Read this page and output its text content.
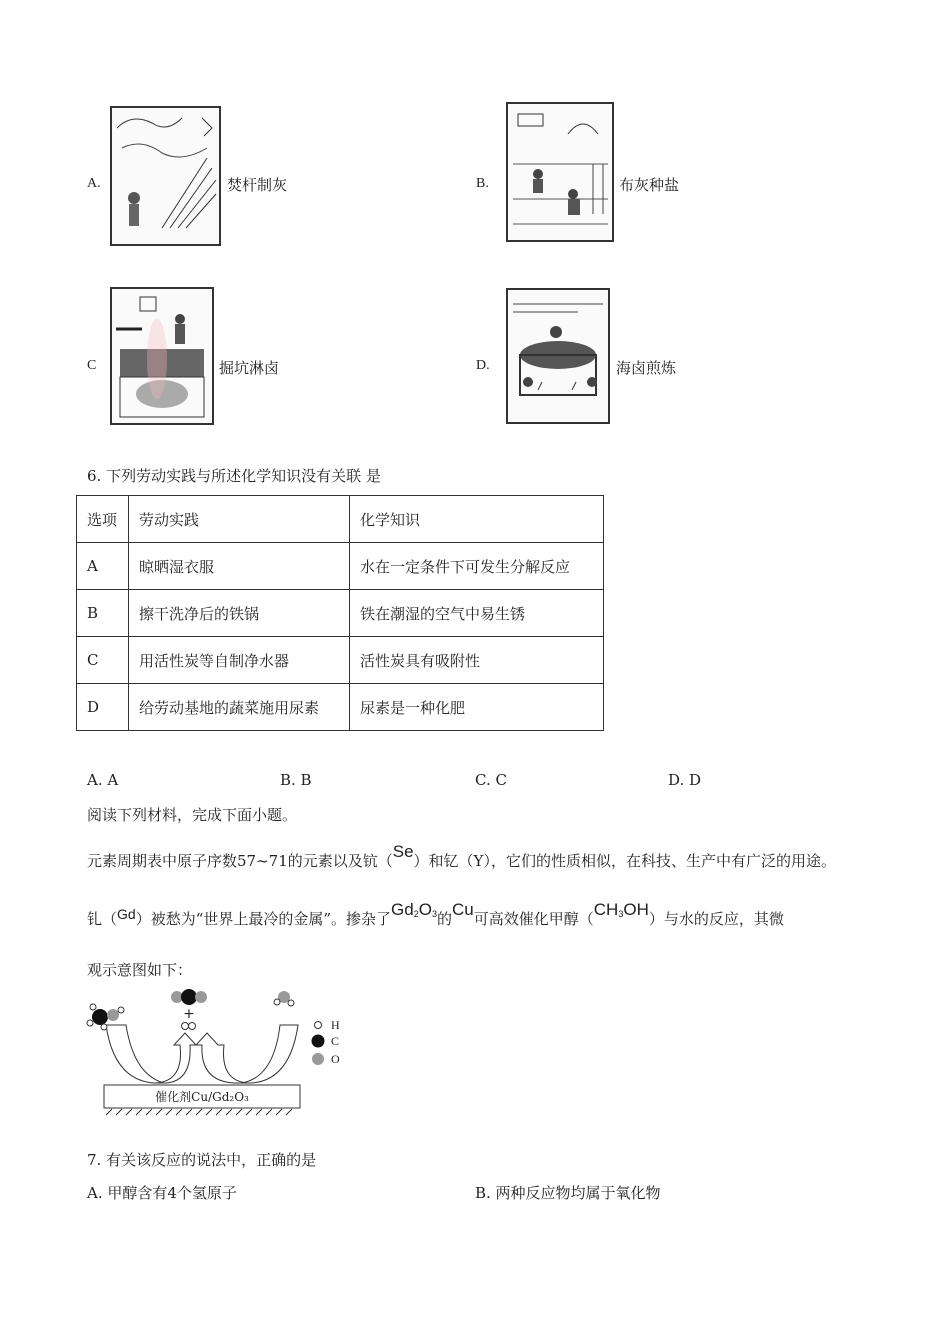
A.	焚杆制灰	B.	布灰种盐
C	掘坑淋卤	D.	海卤煎炼
6. 下列劳动实践与所述化学知识没有关联 是
选项	劳动实践	化学知识
A	晾晒湿衣服	水在一定条件下可发生分解反应
B	擦干洗净后的铁锅	铁在潮湿的空气中易生锈
C	用活性炭等自制净水器	活性炭具有吸附性
D	给劳动基地的蔬菜施用尿素	尿素是一种化肥
A. A	B. B	C. C	D. D
阅读下列材料，完成下面小题。
元素周期表中原子序数57~71的元素以及钪（Se）和钇（Y），它们的性质相似，在科技、生产中有广泛的用途。
钆（Gd）被愁为“世界上最冷的金属”。掺杂了Gd2O3的Cu可高效催化甲醇（CH3OH）与水的反应，其微
观示意图如下：
催化剂Cu/Gd₂O₃
+
H
C
O
7. 有关该反应的说法中，正确的是
A. 甲醇含有4个氢原子	B. 两种反应物均属于氧化物
